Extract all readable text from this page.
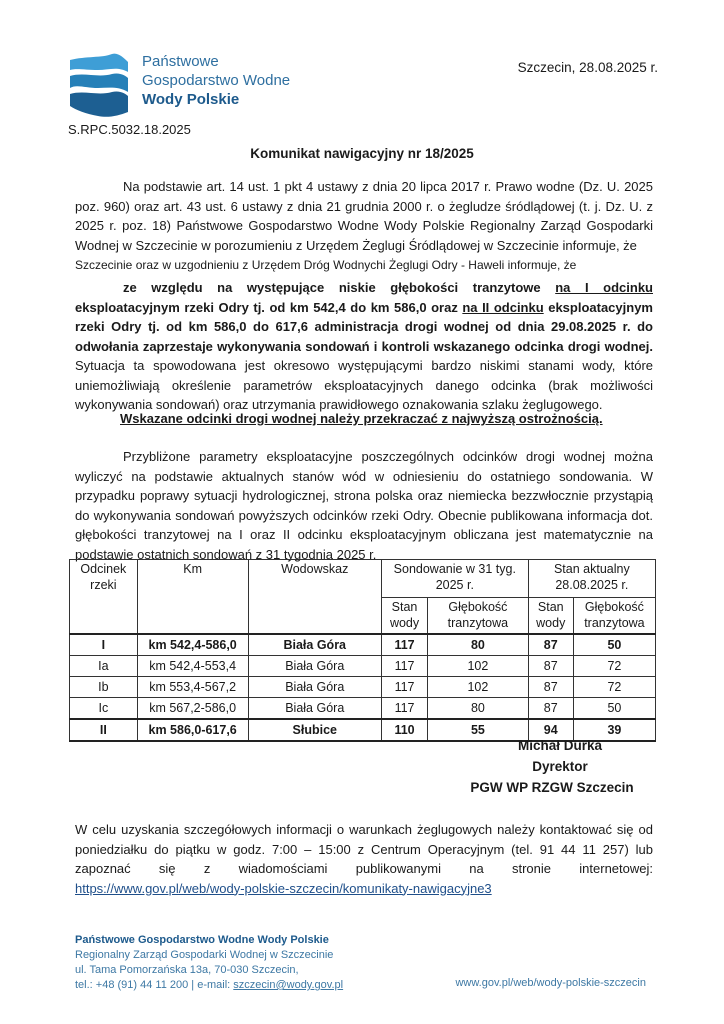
Państwowe
Gospodarstwo Wodne
Wody Polskie
S.RPC.5032.18.2025
Szczecin, 28.08.2025 r.
Komunikat nawigacyjny nr 18/2025
Na podstawie art. 14 ust. 1 pkt 4 ustawy z dnia 20 lipca 2017 r. Prawo wodne (Dz. U. 2025 poz. 960) oraz art. 43 ust. 6 ustawy z dnia 21 grudnia 2000 r. o żegludze śródlądowej (t. j. Dz. U. z 2025 r. poz. 18) Państwowe Gospodarstwo Wodne Wody Polskie Regionalny Zarząd Gospodarki Wodnej w Szczecinie w porozumieniu z Urzędem Żeglugi Śródlądowej w Szczecinie informuje, że
Szczecinie oraz w uzgodnieniu z Urzędem Dróg Wodnychi Żeglugi Odry - Haweli informuje, że
ze względu na występujące niskie głębokości tranzytowe na I odcinku eksploatacyjnym rzeki Odry tj. od km 542,4 do km 586,0 oraz na II odcinku eksploatacyjnym rzeki Odry tj. od km 586,0 do 617,6 administracja drogi wodnej od dnia 29.08.2025 r. do odwołania zaprzestaje wykonywania sondowań i kontroli wskazanego odcinka drogi wodnej. Sytuacja ta spowodowana jest okresowo występującymi bardzo niskimi stanami wody, które uniemożliwiają określenie parametrów eksploatacyjnych danego odcinka (brak możliwości wykonywania sondowań) oraz utrzymania prawidłowego oznakowania szlaku żeglugowego.
Wskazane odcinki drogi wodnej należy przekraczać z najwyższą ostrożnością.
Przybliżone parametry eksploatacyjne poszczególnych odcinków drogi wodnej można wyliczyć na podstawie aktualnych stanów wód w odniesieniu do ostatniego sondowania. W przypadku poprawy sytuacji hydrologicznej, strona polska oraz niemiecka bezzwłocznie przystąpią do wykonywania sondowań powyższych odcinków rzeki Odry. Obecnie publikowana informacja dot. głębokości tranzytowej na I oraz II odcinku eksploatacyjnym obliczana jest matematycznie na podstawie ostatnich sondowań z 31 tygodnia 2025 r.
Odcinek rzeki	Km	Wodowskaz	Sondowanie w 31 tyg. 2025 r.		Stan aktualny 28.08.2025 r.	
			Stan wody	Głębokość tranzytowa	Stan wody	Głębokość tranzytowa
I	km 542,4-586,0	Biała Góra	117	80	87	50
Ia	km 542,4-553,4	Biała Góra	117	102	87	72
Ib	km 553,4-567,2	Biała Góra	117	102	87	72
Ic	km 567,2-586,0	Biała Góra	117	80	87	50
II	km 586,0-617,6	Słubice	110	55	94	39
Michał Durka
Dyrektor
PGW WP RZGW Szczecin
W celu uzyskania szczegółowych informacji o warunkach żeglugowych należy kontaktować się od poniedziałku do piątku w godz. 7:00 – 15:00 z Centrum Operacyjnym (tel. 91 44 11 257) lub zapoznać się z wiadomościami publikowanymi na stronie internetowej: https://www.gov.pl/web/wody-polskie-szczecin/komunikaty-nawigacyjne3
Państwowe Gospodarstwo Wodne Wody Polskie
Regionalny Zarząd Gospodarki Wodnej w Szczecinie
ul. Tama Pomorzańska 13a, 70-030 Szczecin,
tel.: +48 (91) 44 11 200 | e-mail: szczecin@wody.gov.pl	www.gov.pl/web/wody-polskie-szczecin
